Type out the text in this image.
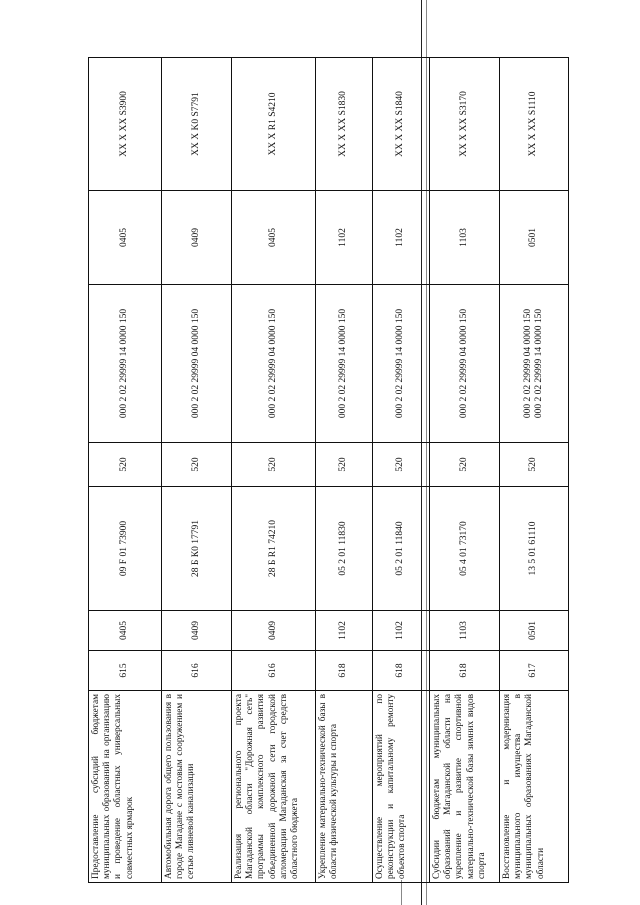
Предоставление субсидий бюджетам муниципальных образований на организацию и проведение областных универсальных совместных ярмарок	615	0405	09 F 01 73900	520	000 2 02 29999 14 0000 150	0405	XX X XX S3900
Автомобильная дорога общего пользования в городе Магадане с мостовым сооружением и сетью ливневой канализации	616	0409	28 Б К0 17791	520	000 2 02 29999 04 0000 150	0409	XX X K0 S7791
Реализация регионального проекта Магаданской области "Дорожная сеть" программы комплексного развития объединенной дорожной сети городской агломерации Магаданская за счет средств областного бюджета	616	0409	28 Б R1 74210	520	000 2 02 29999 04 0000 150	0405	XX X R1 S4210
Укрепление материально-технической базы в области физической культуры и спорта	618	1102	05 2 01 11830	520	000 2 02 29999 14 0000 150	1102	XX X XX S1830
Осуществление мероприятий по реконструкции и капитальному ремонту объектов спорта	618	1102	05 2 01 11840	520	000 2 02 29999 14 0000 150	1102	XX X XX S1840
Субсидии бюджетам муниципальных образований Магаданской области на укрепление и развитие спортивной материально-технической базы зимних видов спорта	618	1103	05 4 01 73170	520	000 2 02 29999 04 0000 150	1103	XX X XX S3170
Восстановление и модернизация муниципального имущества в муниципальных образованиях Магаданской области	617	0501	13 5 01 61110	520	000 2 02 29999 04 0000 150 000 2 02 29999 14 0000 150	0501	XX X XX S1110
